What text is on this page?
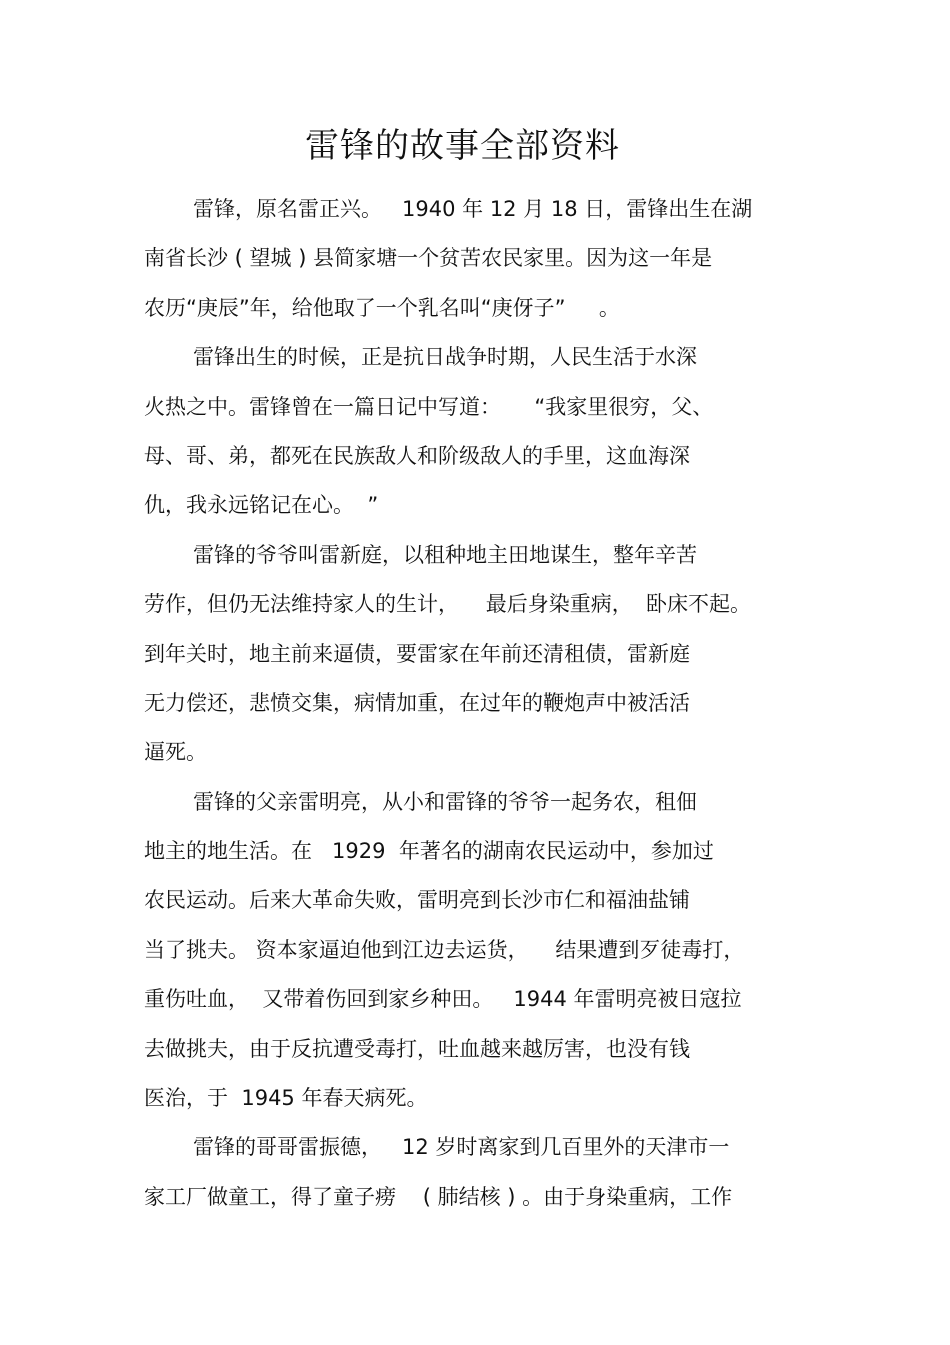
雷锋的故事全部资料
雷锋，原名雷正兴。   1940 年 12 月 18 日，雷锋出生在湖
南省长沙 ( 望城 ) 县简家塘一个贫苦农民家里。因为这一年是
农历“庚辰”年，给他取了一个乳名叫“庚伢子”     。
雷锋出生的时候，正是抗日战争时期，人民生活于水深
火热之中。雷锋曾在一篇日记中写道：     “我家里很穷，父、
母、哥、弟，都死在民族敌人和阶级敌人的手里，这血海深
仇，我永远铭记在心。  ”
雷锋的爷爷叫雷新庭，以租种地主田地谋生，整年辛苦
劳作，但仍无法维持家人的生计，    最后身染重病，  卧床不起。
到年关时，地主前来逼债，要雷家在年前还清租债，雷新庭
无力偿还，悲愤交集，病情加重，在过年的鞭炮声中被活活
逼死。
雷锋的父亲雷明亮，从小和雷锋的爷爷一起务农，租佃
地主的地生活。在   1929  年著名的湖南农民运动中，参加过
农民运动。后来大革命失败，雷明亮到长沙市仁和福油盐铺
当了挑夫。 资本家逼迫他到江边去运货，    结果遭到歹徒毒打，
重伤吐血，  又带着伤回到家乡种田。   1944 年雷明亮被日寇拉
去做挑夫，由于反抗遭受毒打，吐血越来越厉害，也没有钱
医治，于  1945 年春天病死。
雷锋的哥哥雷振德，   12 岁时离家到几百里外的天津市一
家工厂做童工，得了童子痨    ( 肺结核 ) 。由于身染重病，工作
